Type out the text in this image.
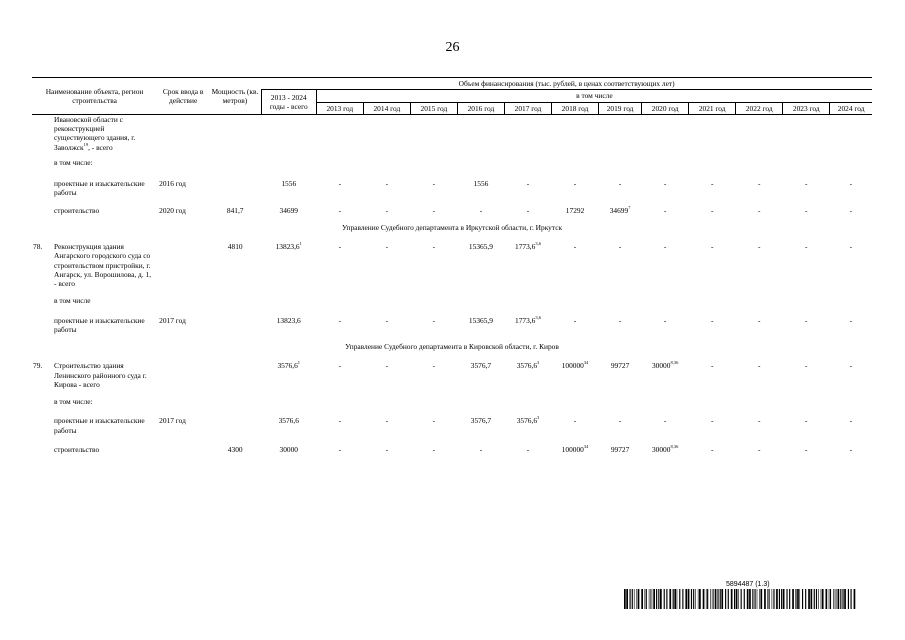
26
Наименование объекта, регион строительства		Срок ввода в действие	Мощность (кв. метров)	Объем финансирования (тыс. рублей, в ценах соответствующих лет)												
				2013 - 2024 годы - всего	в том числе											
					2013 год	2014 год	2015 год	2016 год	2017 год	2018 год	2019 год	2020 год	2021 год	2022 год	2023 год	2024 год
	Ивановской области с реконструкцией существующего здания, г. Заволжск$^{19}$, - всего															
	в том числе:															
	проектные и изыскательские работы	2016 год		1556	-	-	-	1556	-	-	-	-	-	-	-	-
	строительство	2020 год	841,7	34699	-	-	-	-	-	17292	34699$^7$	-	-	-	-	-
Управление Судебного департамента в Иркутской области, г. Иркутск																
78.	Реконструкция здания Ангарского городского суда со строительством пристройки, г. Ангарск, ул. Ворошилова, д. 1, - всего		4810	13823,6$^1$	-	-	-	15365,9	1773,6$^{3,6}$	-	-	-	-	-	-	-
	в том числе															
	проектные и изыскательские работы	2017 год		13823,6	-	-	-	15365,9	1773,6$^{3,6}$	-	-	-	-	-	-	-
Управление Судебного департамента в Кировской области, г. Киров																
79.	Строительство здания Ленинского районного суда г. Кирова - всего			3576,6$^1$	-	-	-	3576,7	3576,6$^3$	100000$^{34}$	99727	30000$^{8,36}$	-	-	-	-
	в том числе:															
	проектные и изыскательские работы	2017 год		3576,6	-	-	-	3576,7	3576,6$^3$	-	-	-	-	-	-	-
	строительство		4300	30000	-	-	-	-	-	100000$^{34}$	99727	30000$^{8,36}$	-	-	-	-
5894487 (1.3)
